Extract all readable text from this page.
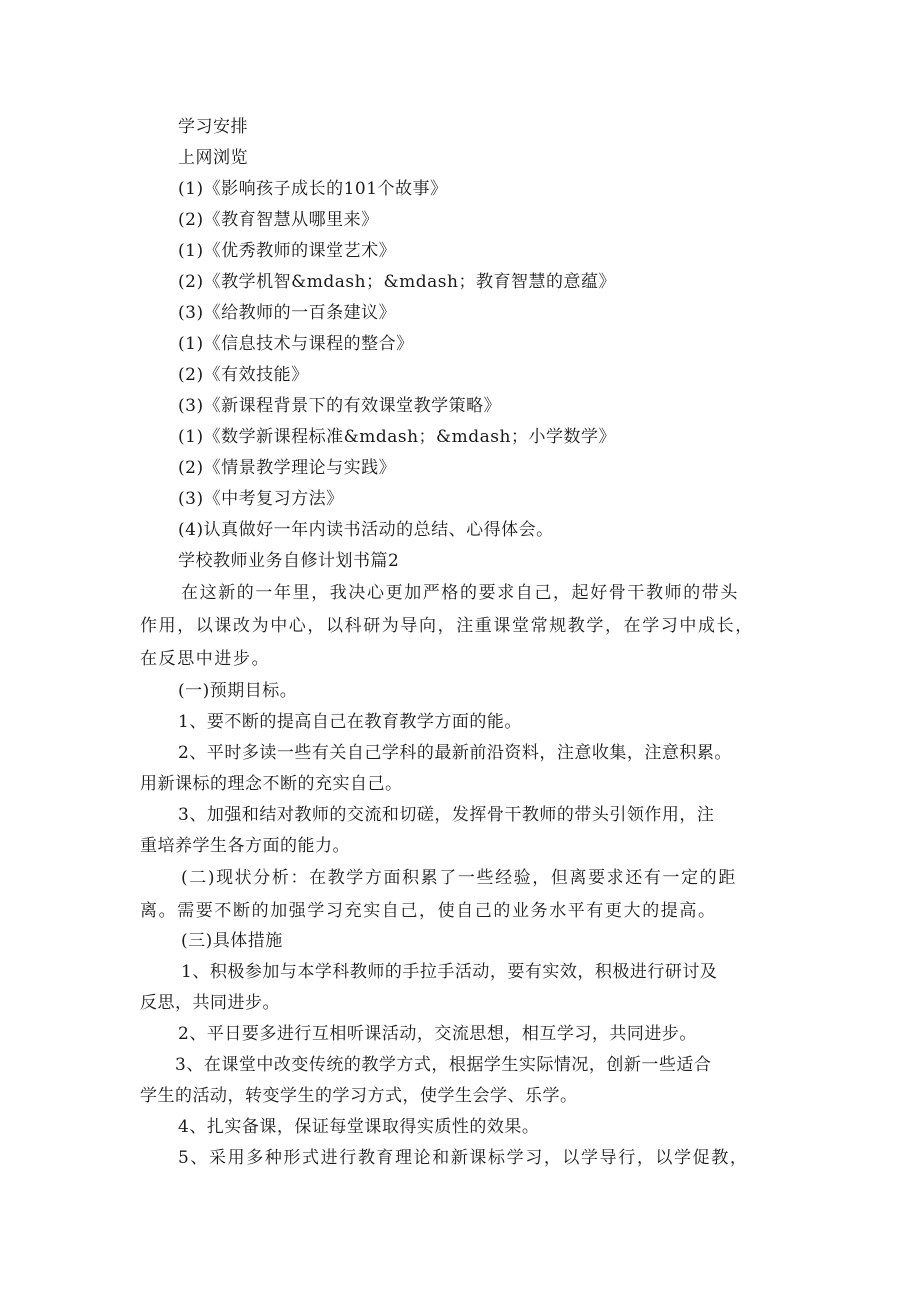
学习安排
上网浏览
(1)《影响孩子成长的101个故事》
(2)《教育智慧从哪里来》
(1)《优秀教师的课堂艺术》
(2)《教学机智&mdash；&mdash；教育智慧的意蕴》
(3)《给教师的一百条建议》
(1)《信息技术与课程的整合》
(2)《有效技能》
(3)《新课程背景下的有效课堂教学策略》
(1)《数学新课程标准&mdash；&mdash；小学数学》
(2)《情景教学理论与实践》
(3)《中考复习方法》
(4)认真做好一年内读书活动的总结、心得体会。
学校教师业务自修计划书篇2
在这新的一年里，我决心更加严格的要求自己，起好骨干教师的带头
作用，以课改为中心，以科研为导向，注重课堂常规教学，在学习中成长，
在反思中进步。
(一)预期目标。
1、要不断的提高自己在教育教学方面的能。
2、平时多读一些有关自己学科的最新前沿资料，注意收集，注意积累。
用新课标的理念不断的充实自己。
3、加强和结对教师的交流和切磋，发挥骨干教师的带头引领作用，注
重培养学生各方面的能力。
(二)现状分析：在教学方面积累了一些经验，但离要求还有一定的距
离。需要不断的加强学习充实自己，使自己的业务水平有更大的提高。
(三)具体措施
1、积极参加与本学科教师的手拉手活动，要有实效，积极进行研讨及
反思，共同进步。
2、平日要多进行互相听课活动，交流思想，相互学习，共同进步。
3、在课堂中改变传统的教学方式，根据学生实际情况，创新一些适合
学生的活动，转变学生的学习方式，使学生会学、乐学。
4、扎实备课，保证每堂课取得实质性的效果。
5、采用多种形式进行教育理论和新课标学习，以学导行，以学促教，
